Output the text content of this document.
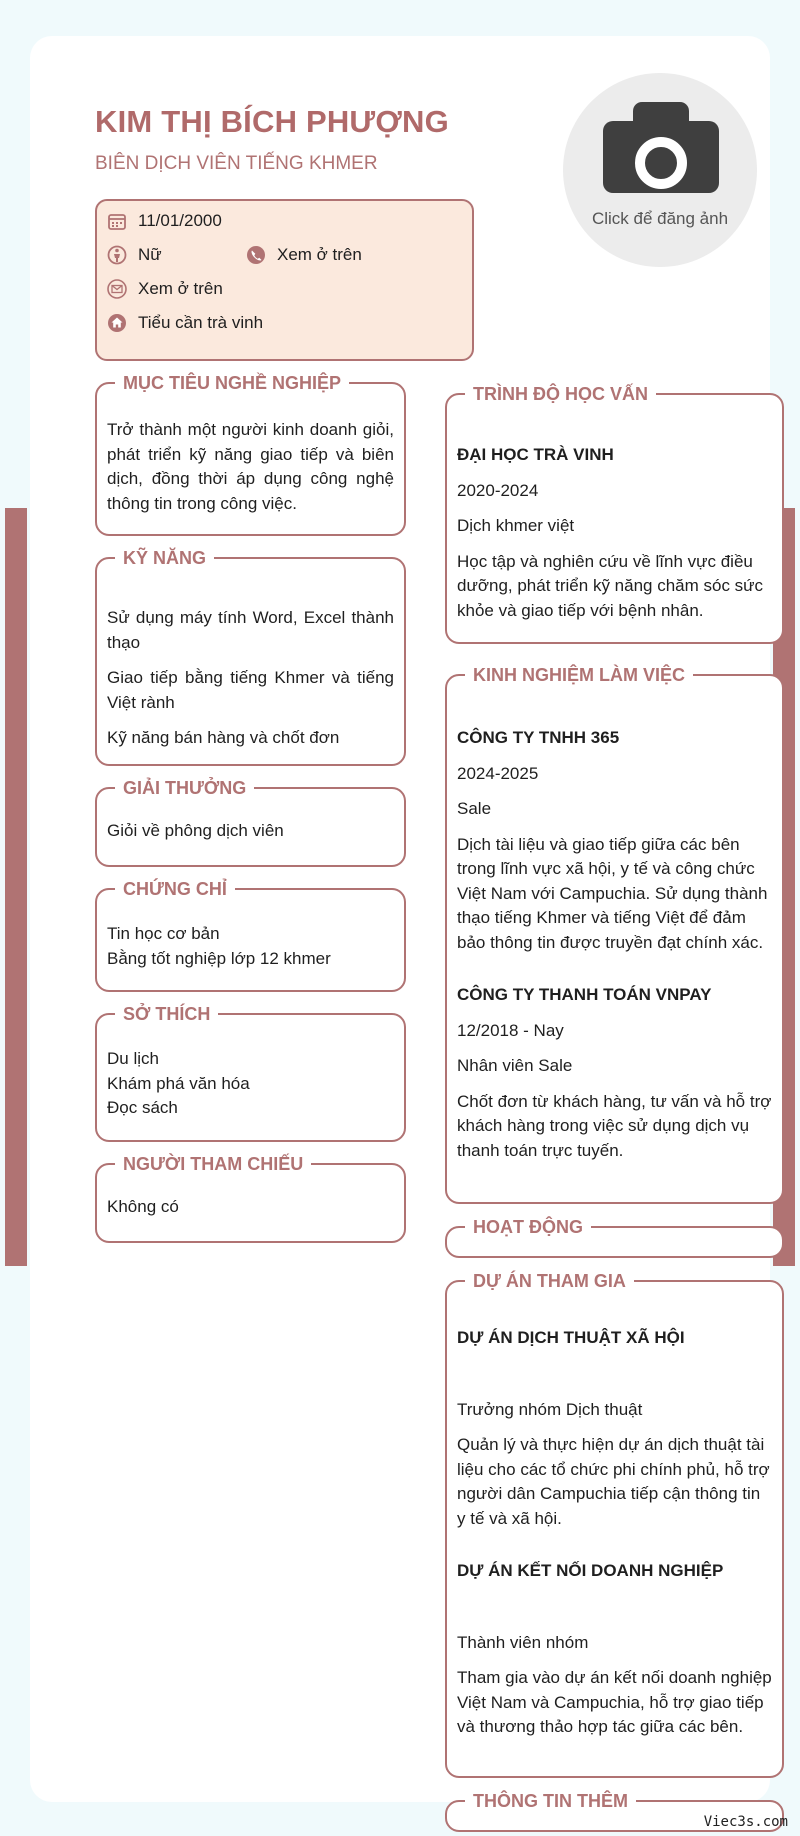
KIM THỊ BÍCH PHƯỢNG
BIÊN DỊCH VIÊN TIẾNG KHMER
Click để đăng ảnh
11/01/2000
Nữ	Xem ở trên
Xem ở trên
Tiểu cần trà vinh
MỤC TIÊU NGHỀ NGHIỆP
Trở thành một người kinh doanh giỏi, phát triển kỹ năng giao tiếp và biên dịch, đồng thời áp dụng công nghệ thông tin trong công việc.
KỸ NĂNG
Sử dụng máy tính Word, Excel thành thạo
Giao tiếp bằng tiếng Khmer và tiếng Việt rành
Kỹ năng bán hàng và chốt đơn
GIẢI THƯỞNG
Giỏi về phông dịch viên
CHỨNG CHỈ
Tin học cơ bản
Bằng tốt nghiệp lớp 12 khmer
SỞ THÍCH
Du lịch
Khám phá văn hóa
Đọc sách
NGƯỜI THAM CHIẾU
Không có
TRÌNH ĐỘ HỌC VẤN
ĐẠI HỌC TRÀ VINH
2020-2024
Dịch khmer việt
Học tập và nghiên cứu về lĩnh vực điều dưỡng, phát triển kỹ năng chăm sóc sức khỏe và giao tiếp với bệnh nhân.
KINH NGHIỆM LÀM VIỆC
CÔNG TY TNHH 365
2024-2025
Sale
Dịch tài liệu và giao tiếp giữa các bên trong lĩnh vực xã hội, y tế và công chức Việt Nam với Campuchia. Sử dụng thành thạo tiếng Khmer và tiếng Việt để đảm bảo thông tin được truyền đạt chính xác.
CÔNG TY THANH TOÁN VNPAY
12/2018 - Nay
Nhân viên Sale
Chốt đơn từ khách hàng, tư vấn và hỗ trợ khách hàng trong việc sử dụng dịch vụ thanh toán trực tuyến.
HOẠT ĐỘNG
DỰ ÁN THAM GIA
DỰ ÁN DỊCH THUẬT XÃ HỘI
Trưởng nhóm Dịch thuật
Quản lý và thực hiện dự án dịch thuật tài liệu cho các tổ chức phi chính phủ, hỗ trợ người dân Campuchia tiếp cận thông tin y tế và xã hội.
DỰ ÁN KẾT NỐI DOANH NGHIỆP
Thành viên nhóm
Tham gia vào dự án kết nối doanh nghiệp Việt Nam và Campuchia, hỗ trợ giao tiếp và thương thảo hợp tác giữa các bên.
THÔNG TIN THÊM
Viec3s.com
